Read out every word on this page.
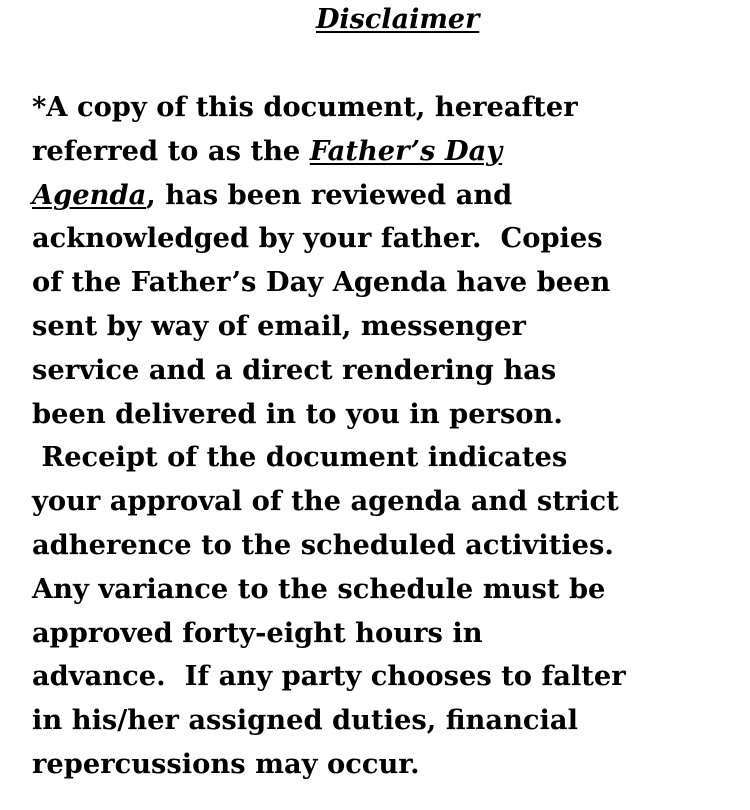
Disclaimer
*A copy of this document, hereafter
referred to as the Father’s Day
Agenda, has been reviewed and
acknowledged by your father.  Copies
of the Father’s Day Agenda have been
sent by way of email, messenger
service and a direct rendering has
been delivered in to you in person.
Receipt of the document indicates
your approval of the agenda and strict
adherence to the scheduled activities.
Any variance to the schedule must be
approved forty-eight hours in
advance.  If any party chooses to falter
in his/her assigned duties, financial
repercussions may occur.
